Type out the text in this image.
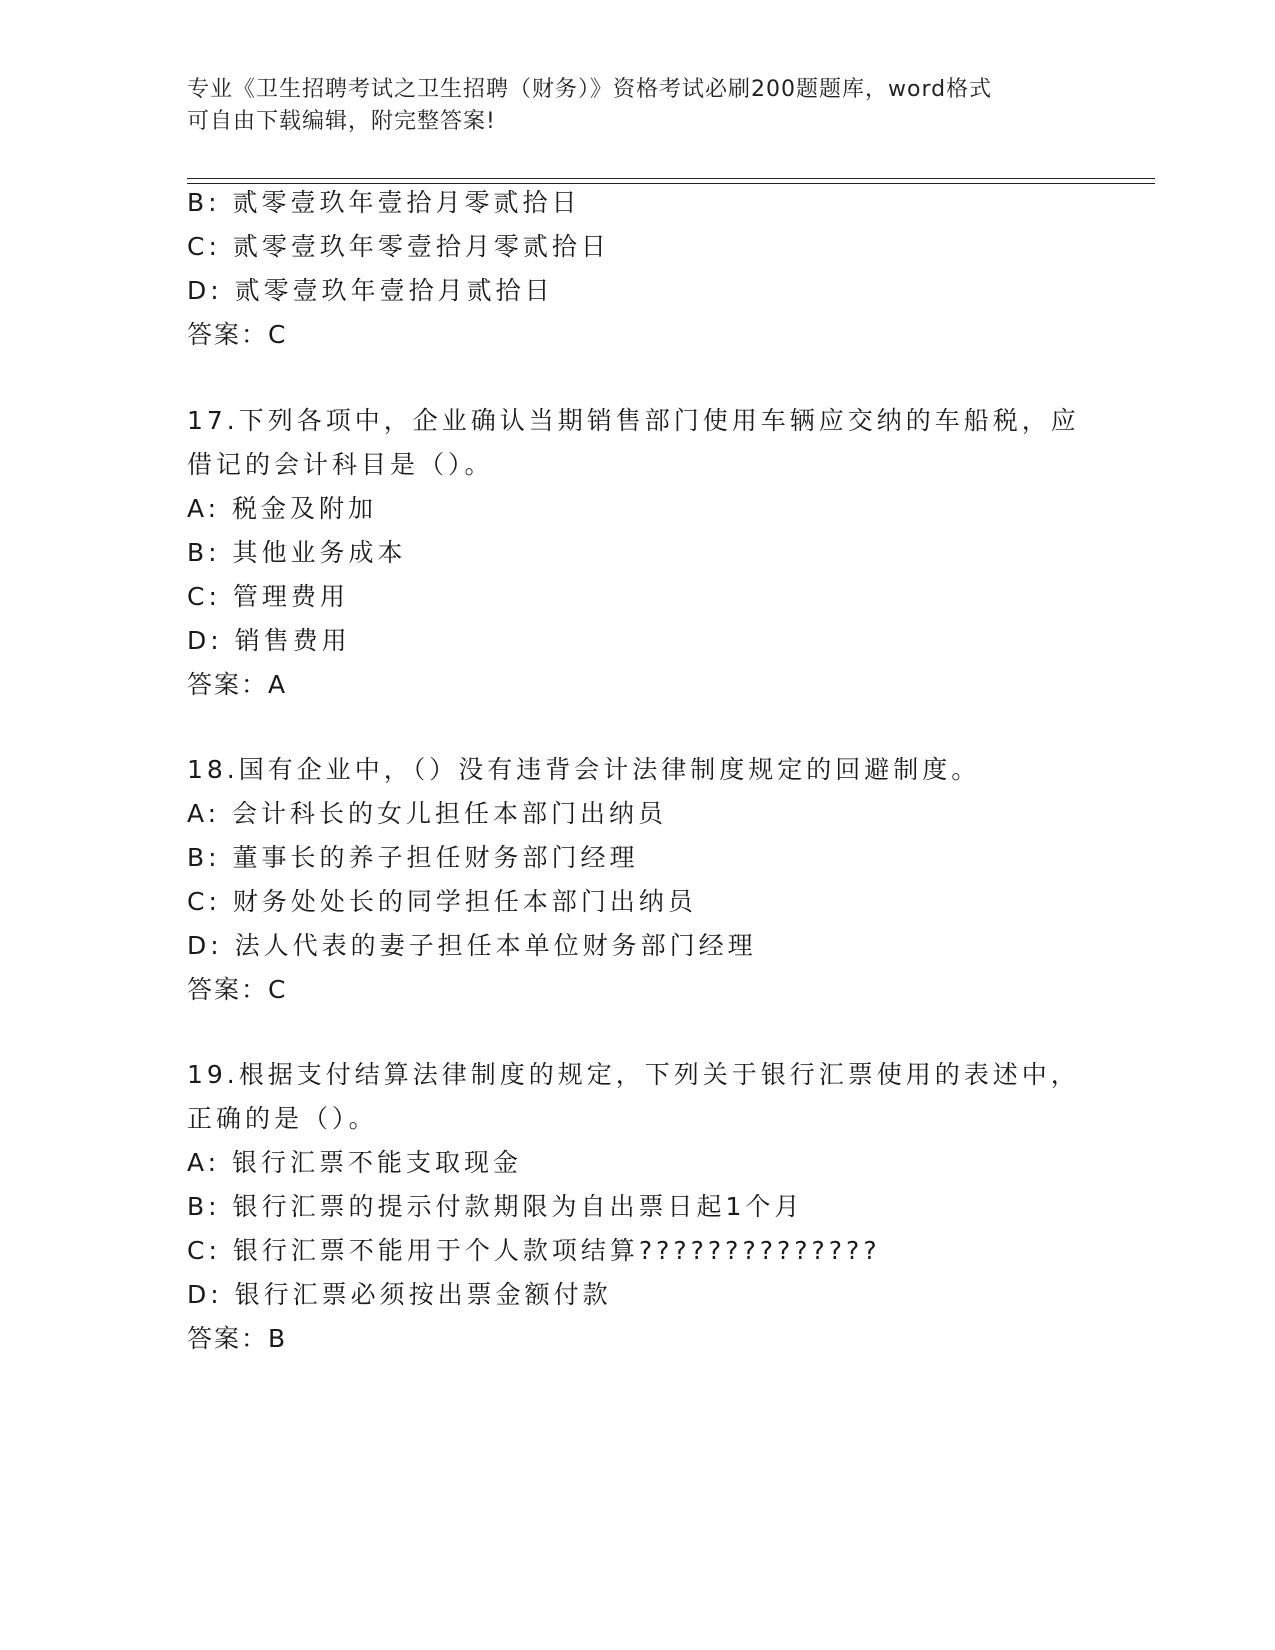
专业《卫生招聘考试之卫生招聘（财务）》资格考试必刷200题题库，word格式
可自由下载编辑，附完整答案!
B: 贰零壹玖年壹拾月零贰拾日
C: 贰零壹玖年零壹拾月零贰拾日
D: 贰零壹玖年壹拾月贰拾日
答案：C
17.下列各项中，企业确认当期销售部门使用车辆应交纳的车船税，应
借记的会计科目是（）。
A: 税金及附加
B: 其他业务成本
C: 管理费用
D: 销售费用
答案：A
18.国有企业中，（）没有违背会计法律制度规定的回避制度。
A: 会计科长的女儿担任本部门出纳员
B: 董事长的养子担任财务部门经理
C: 财务处处长的同学担任本部门出纳员
D: 法人代表的妻子担任本单位财务部门经理
答案：C
19.根据支付结算法律制度的规定，下列关于银行汇票使用的表述中，
正确的是（）。
A: 银行汇票不能支取现金
B: 银行汇票的提示付款期限为自出票日起1个月
C: 银行汇票不能用于个人款项结算??????????????
D: 银行汇票必须按出票金额付款
答案：B
